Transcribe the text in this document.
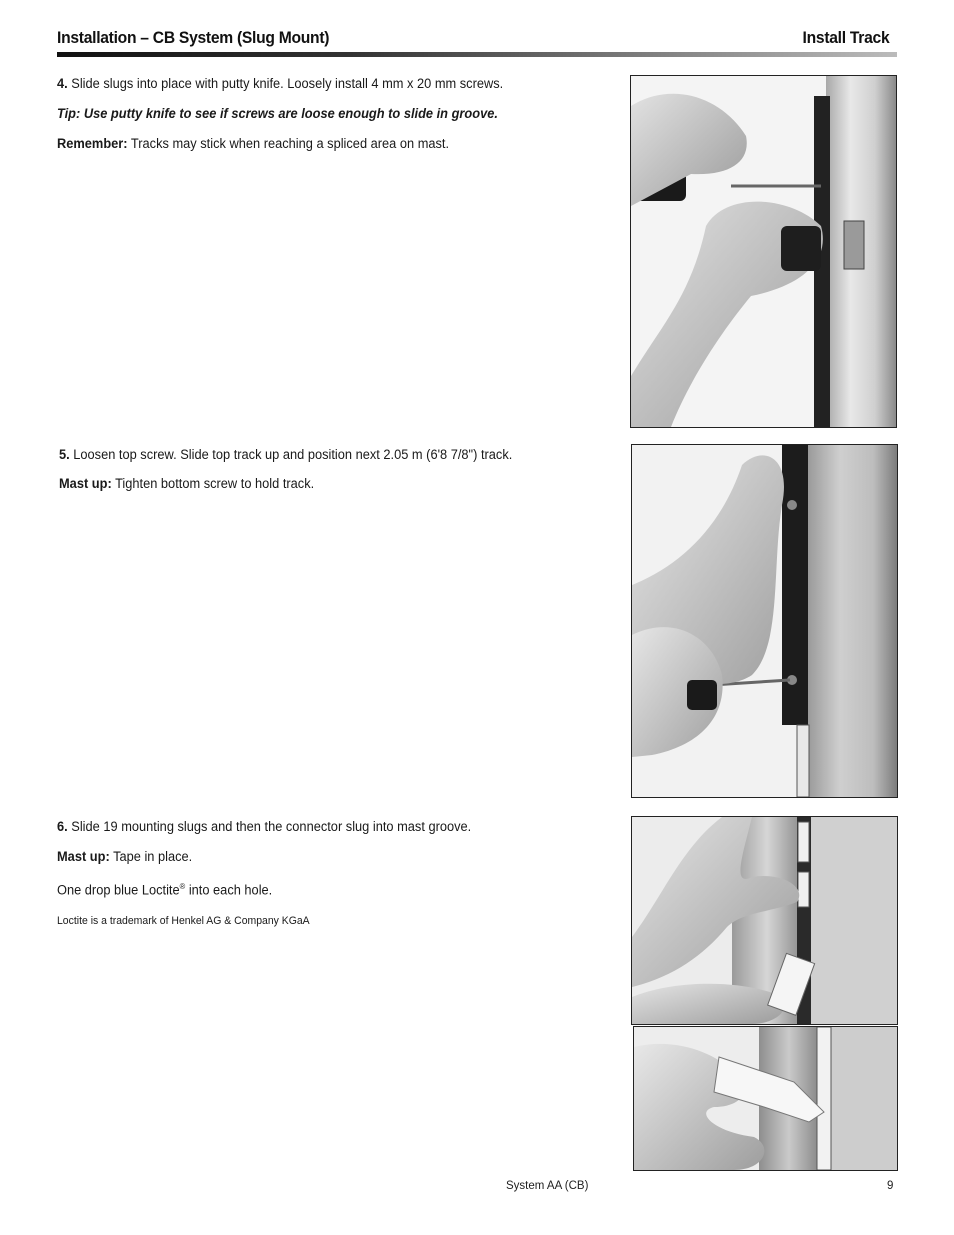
Installation – CB System (Slug Mount)	Install Track
4. Slide slugs into place with putty knife. Loosely install 4 mm x 20 mm screws.
Tip: Use putty knife to see if screws are loose enough to slide in groove.
Remember: Tracks may stick when reaching a spliced area on mast.
5. Loosen top screw. Slide top track up and position next 2.05 m (6'8 7/8") track.
Mast up: Tighten bottom screw to hold track.
6. Slide 19 mounting slugs and then the connector slug into mast groove.
Mast up: Tape in place.
One drop blue Loctite® into each hole.
Loctite is a trademark of Henkel AG & Company KGaA
System AA (CB)	9
